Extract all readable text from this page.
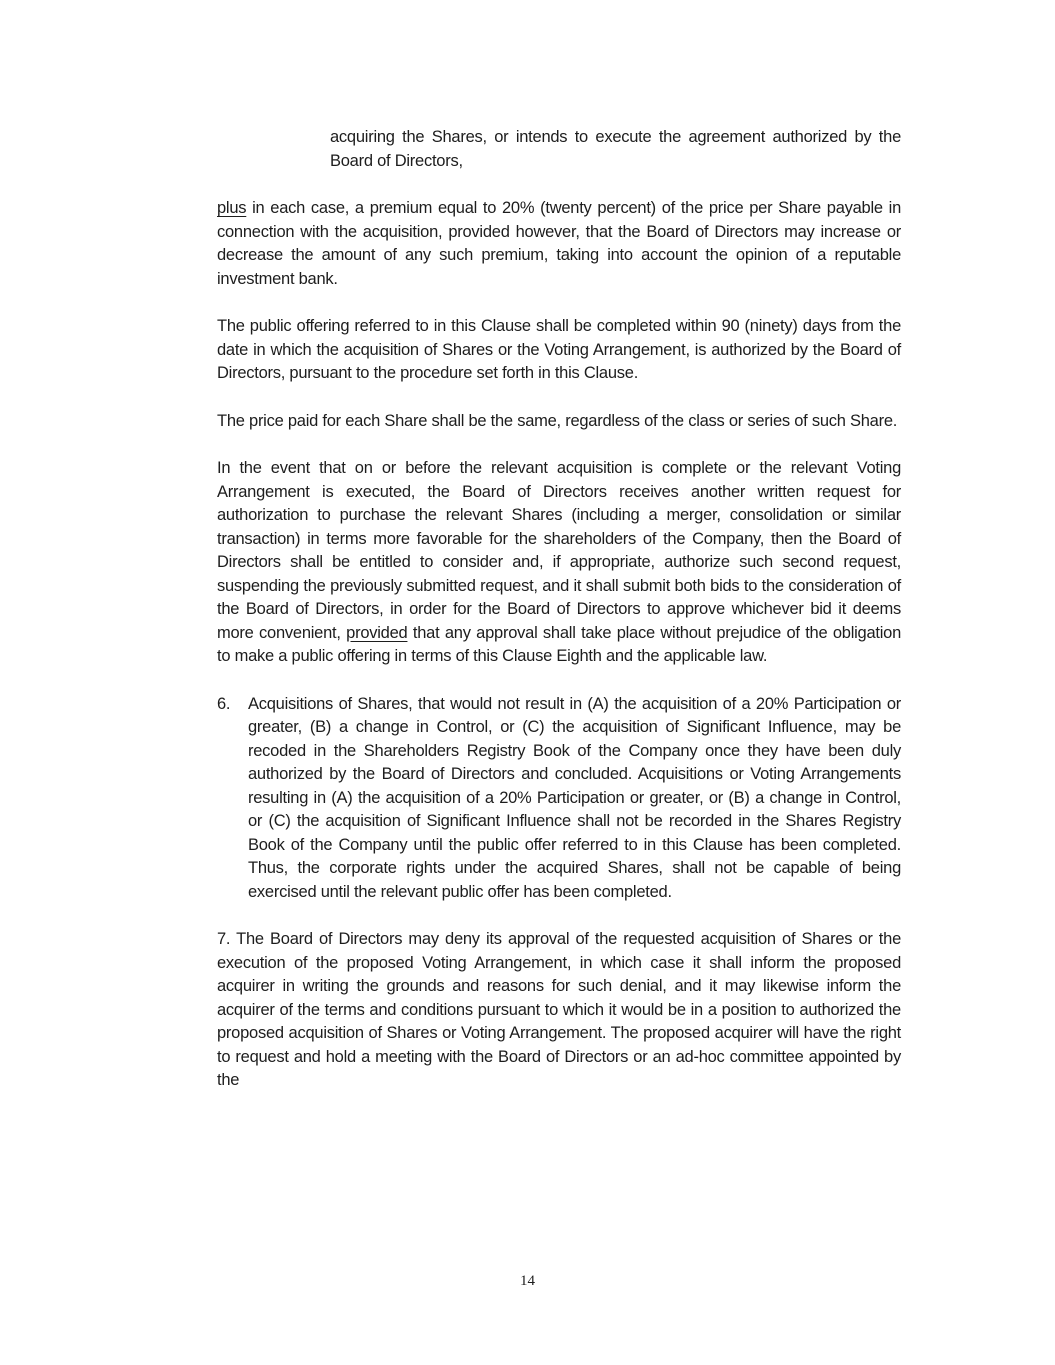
acquiring the Shares, or intends to execute the agreement authorized by the Board of Directors,

plus in each case, a premium equal to 20% (twenty percent) of the price per Share payable in connection with the acquisition, provided however, that the Board of Directors may increase or decrease the amount of any such premium, taking into account the opinion of a reputable investment bank.

The public offering referred to in this Clause shall be completed within 90 (ninety) days from the date in which the acquisition of Shares or the Voting Arrangement, is authorized by the Board of Directors, pursuant to the procedure set forth in this Clause.

The price paid for each Share shall be the same, regardless of the class or series of such Share.

In the event that on or before the relevant acquisition is complete or the relevant Voting Arrangement is executed, the Board of Directors receives another written request for authorization to purchase the relevant Shares (including a merger, consolidation or similar transaction) in terms more favorable for the shareholders of the Company, then the Board of Directors shall be entitled to consider and, if appropriate, authorize such second request, suspending the previously submitted request, and it shall submit both bids to the consideration of the Board of Directors, in order for the Board of Directors to approve whichever bid it deems more convenient, provided that any approval shall take place without prejudice of the obligation to make a public offering in terms of this Clause Eighth and the applicable law.

6.	Acquisitions of Shares, that would not result in (A) the acquisition of a 20% Participation or greater, (B) a change in Control, or (C) the acquisition of Significant Influence, may be recoded in the Shareholders Registry Book of the Company once they have been duly authorized by the Board of Directors and concluded. Acquisitions or Voting Arrangements resulting in (A) the acquisition of a 20% Participation or greater, or (B) a change in Control, or (C) the acquisition of Significant Influence shall not be recorded in the Shares Registry Book of the Company until the public offer referred to in this Clause has been completed. Thus, the corporate rights under the acquired Shares, shall not be capable of being exercised until the relevant public offer has been completed.

7. The Board of Directors may deny its approval of the requested acquisition of Shares or the execution of the proposed Voting Arrangement, in which case it shall inform the proposed acquirer in writing the grounds and reasons for such denial, and it may likewise inform the acquirer of the terms and conditions pursuant to which it would be in a position to authorized the proposed acquisition of Shares or Voting Arrangement. The proposed acquirer will have the right to request and hold a meeting with the Board of Directors or an ad-hoc committee appointed by the

14
